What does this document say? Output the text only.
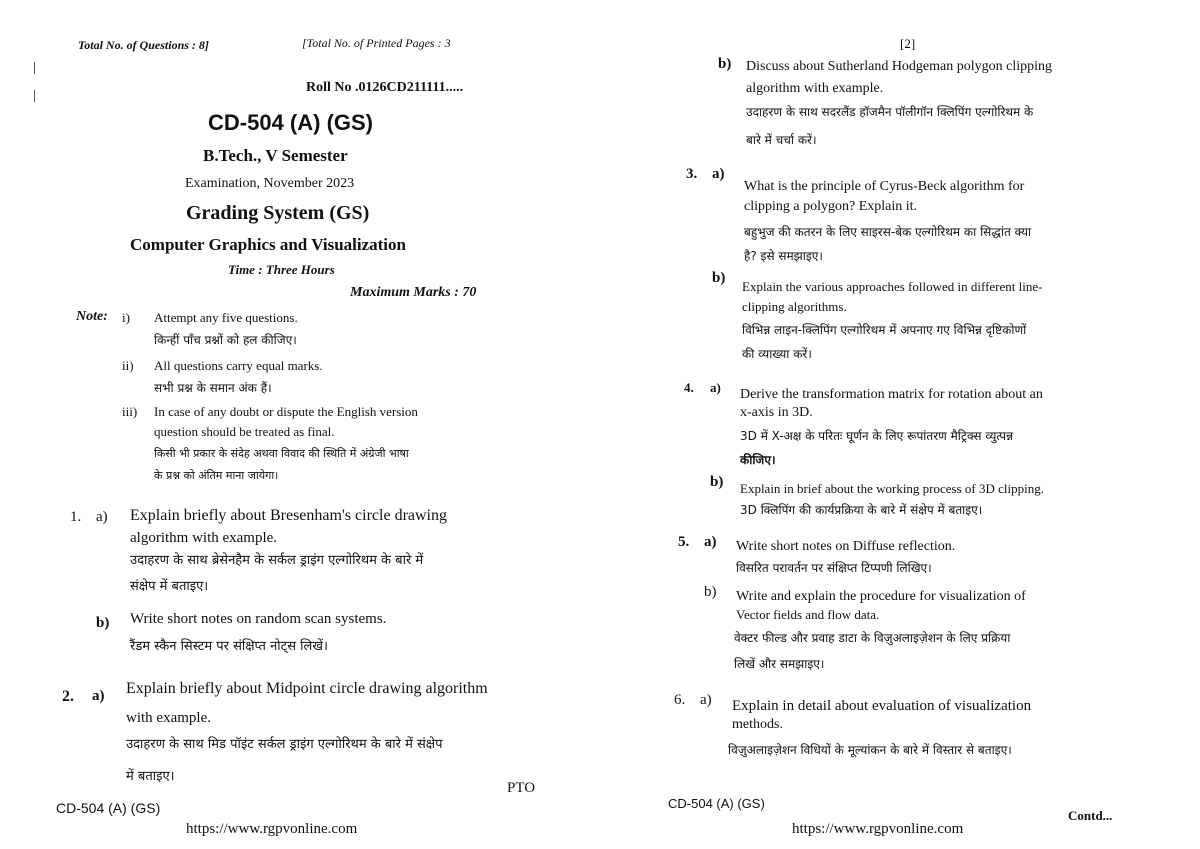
Total No. of Questions : 8]	[Total No. of Printed Pages : 3
Roll No .0126CD211111.....
CD-504 (A) (GS)
B.Tech., V Semester
Examination, November 2023
Grading System (GS)
Computer Graphics and Visualization
Time : Three Hours
Maximum Marks : 70
Note: i) Attempt any five questions.
किन्हीं पाँच प्रश्नों को हल कीजिए।
ii) All questions carry equal marks.
सभी प्रश्न के समान अंक हैं।
iii) In case of any doubt or dispute the English version
question should be treated as final.
किसी भी प्रकार के संदेह अथवा विवाद की स्थिति में अंग्रेजी भाषा
के प्रश्न को अंतिम माना जायेगा।
1. a) Explain briefly about Bresenham's circle drawing
algorithm with example.
उदाहरण के साथ ब्रेसेनहैम के सर्कल ड्राइंग एल्गोरिथम के बारे में
संक्षेप में बताइए।
b) Write short notes on random scan systems.
रैंडम स्कैन सिस्टम पर संक्षिप्त नोट्स लिखें।
2. a) Explain briefly about Midpoint circle drawing algorithm
with example.
उदाहरण के साथ मिड पॉइंट सर्कल ड्राइंग एल्गोरिथम के बारे में संक्षेप
में बताइए।
PTO
CD-504 (A) (GS)
https://www.rgpvonline.com
[2]
b) Discuss about Sutherland Hodgeman polygon clipping
algorithm with example.
उदाहरण के साथ सदरलैंड हॉजमैन पॉलीगॉन क्लिपिंग एल्गोरिथम के
बारे में चर्चा करें।
3. a)
What is the principle of Cyrus-Beck algorithm for
clipping a polygon? Explain it.
बहुभुज की कतरन के लिए साइरस-बेक एल्गोरिथम का सिद्धांत क्या
है? इसे समझाइए।
b)
Explain the various approaches followed in different line-
clipping algorithms.
विभिन्न लाइन-क्लिपिंग एल्गोरिथम में अपनाए गए विभिन्न दृष्टिकोणों
की व्याख्या करें।
4. a) Derive the transformation matrix for rotation about an
x-axis in 3D.
3D में X-अक्ष के परितः घूर्णन के लिए रूपांतरण मैट्रिक्स व्युत्पन्न
कीजिए।
b) Explain in brief about the working process of 3D clipping.
3D क्लिपिंग की कार्यप्रक्रिया के बारे में संक्षेप में बताइए।
5. a) Write short notes on Diffuse reflection.
विसरित परावर्तन पर संक्षिप्त टिप्पणी लिखिए।
b) Write and explain the procedure for visualization of
Vector fields and flow data.
वेक्टर फील्ड और प्रवाह डाटा के विज़ुअलाइज़ेशन के लिए प्रक्रिया
लिखें और समझाइए।
6. a) Explain in detail about evaluation of visualization
methods.
विज़ुअलाइज़ेशन विधियों के मूल्यांकन के बारे में विस्तार से बताइए।
CD-504 (A) (GS)
Contd...
https://www.rgpvonline.com
